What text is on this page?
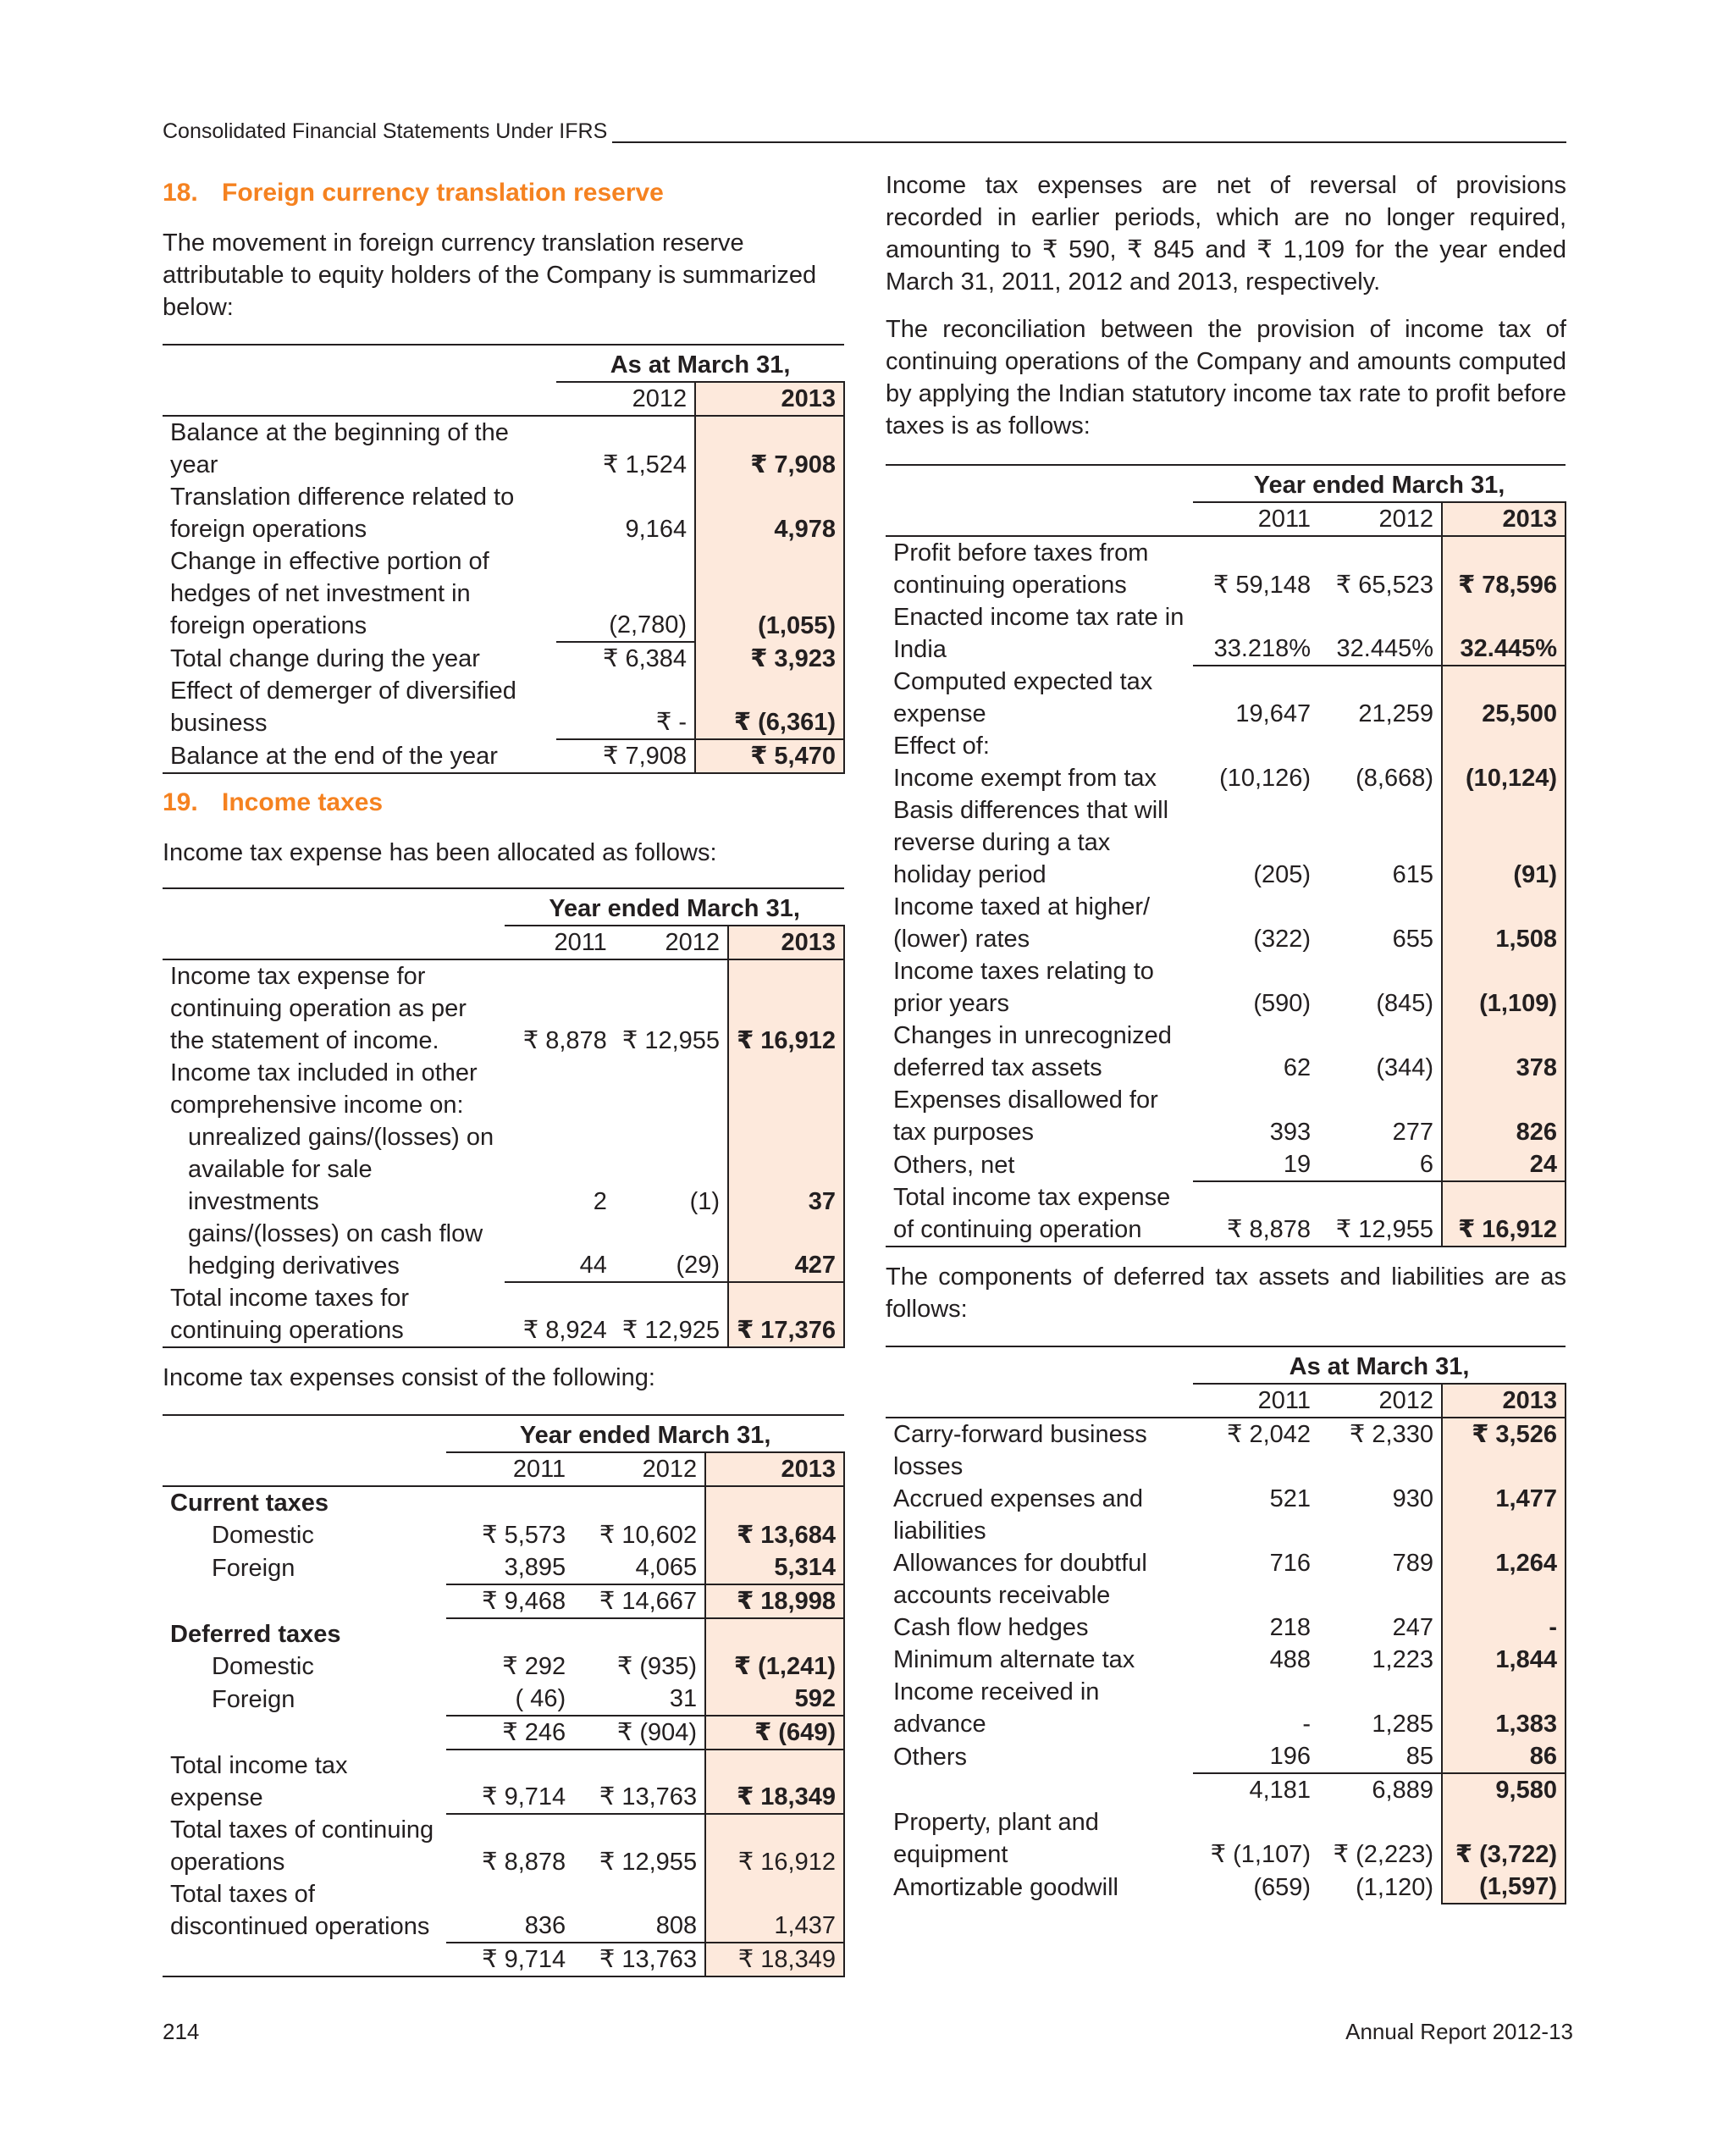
Consolidated Financial Statements Under IFRS
18. Foreign currency translation reserve

The movement in foreign currency translation reserve attributable to equity holders of the Company is summarized below:

	As at March 31,	
	2012	2013
Balance at the beginning of the year	₹ 1,524	₹ 7,908
Translation difference related to foreign operations	9,164	4,978
Change in effective portion of hedges of net investment in foreign operations	(2,780)	(1,055)
Total change during the year	₹ 6,384	₹ 3,923
Effect of demerger of diversified business	₹ -	₹ (6,361)
Balance at the end of the year	₹ 7,908	₹ 5,470
19. Income taxes

Income tax expense has been allocated as follows:

	Year ended March 31,		
	2011	2012	2013
Income tax expense for continuing operation as per the statement of income.	₹ 8,878	₹ 12,955	₹ 16,912
Income tax included in other comprehensive income on:			
unrealized gains/(losses) on available for sale investments	2	(1)	37
gains/(losses) on cash flow hedging derivatives	44	(29)	427
Total income taxes for continuing operations	₹ 8,924	₹ 12,925	₹ 17,376

Income tax expenses consist of the following:

	Year ended March 31,		
	2011	2012	2013
Current taxes			
Domestic	₹ 5,573	₹ 10,602	₹ 13,684
Foreign	3,895	4,065	5,314
	₹ 9,468	₹ 14,667	₹ 18,998
Deferred taxes			
Domestic	₹ 292	₹ (935)	₹ (1,241)
Foreign	( 46)	31	592
	₹ 246	₹ (904)	₹ (649)
Total income tax expense	₹ 9,714	₹ 13,763	₹ 18,349
Total taxes of continuing operations	₹ 8,878	₹ 12,955	₹ 16,912
Total taxes of discontinued operations	836	808	1,437
	₹ 9,714	₹ 13,763	₹ 18,349

Income tax expenses are net of reversal of provisions recorded in earlier periods, which are no longer required, amounting to ₹ 590, ₹ 845 and ₹ 1,109 for the year ended March 31, 2011, 2012 and 2013, respectively.

The reconciliation between the provision of income tax of continuing operations of the Company and amounts computed by applying the Indian statutory income tax rate to profit before taxes is as follows:

	Year ended March 31,		
	2011	2012	2013
Profit before taxes from continuing operations	₹ 59,148	₹ 65,523	₹ 78,596
Enacted income tax rate in India	33.218%	32.445%	32.445%
Computed expected tax expense	19,647	21,259	25,500
Effect of:			
Income exempt from tax	(10,126)	(8,668)	(10,124)
Basis differences that will reverse during a tax holiday period	(205)	615	(91)
Income taxed at higher/ (lower) rates	(322)	655	1,508
Income taxes relating to prior years	(590)	(845)	(1,109)
Changes in unrecognized deferred tax assets	62	(344)	378
Expenses disallowed for tax purposes	393	277	826
Others, net	19	6	24
Total income tax expense of continuing operation	₹ 8,878	₹ 12,955	₹ 16,912

The components of deferred tax assets and liabilities are as follows:

	As at March 31,		
	2011	2012	2013
Carry-forward business losses	₹ 2,042	₹ 2,330	₹ 3,526
Accrued expenses and liabilities	521	930	1,477
Allowances for doubtful accounts receivable	716	789	1,264
Cash flow hedges	218	247	-
Minimum alternate tax	488	1,223	1,844
Income received in advance	-	1,285	1,383
Others	196	85	86
	4,181	6,889	9,580
Property, plant and equipment	₹ (1,107)	₹ (2,223)	₹ (3,722)
Amortizable goodwill	(659)	(1,120)	(1,597)
214	Annual Report 2012-13
